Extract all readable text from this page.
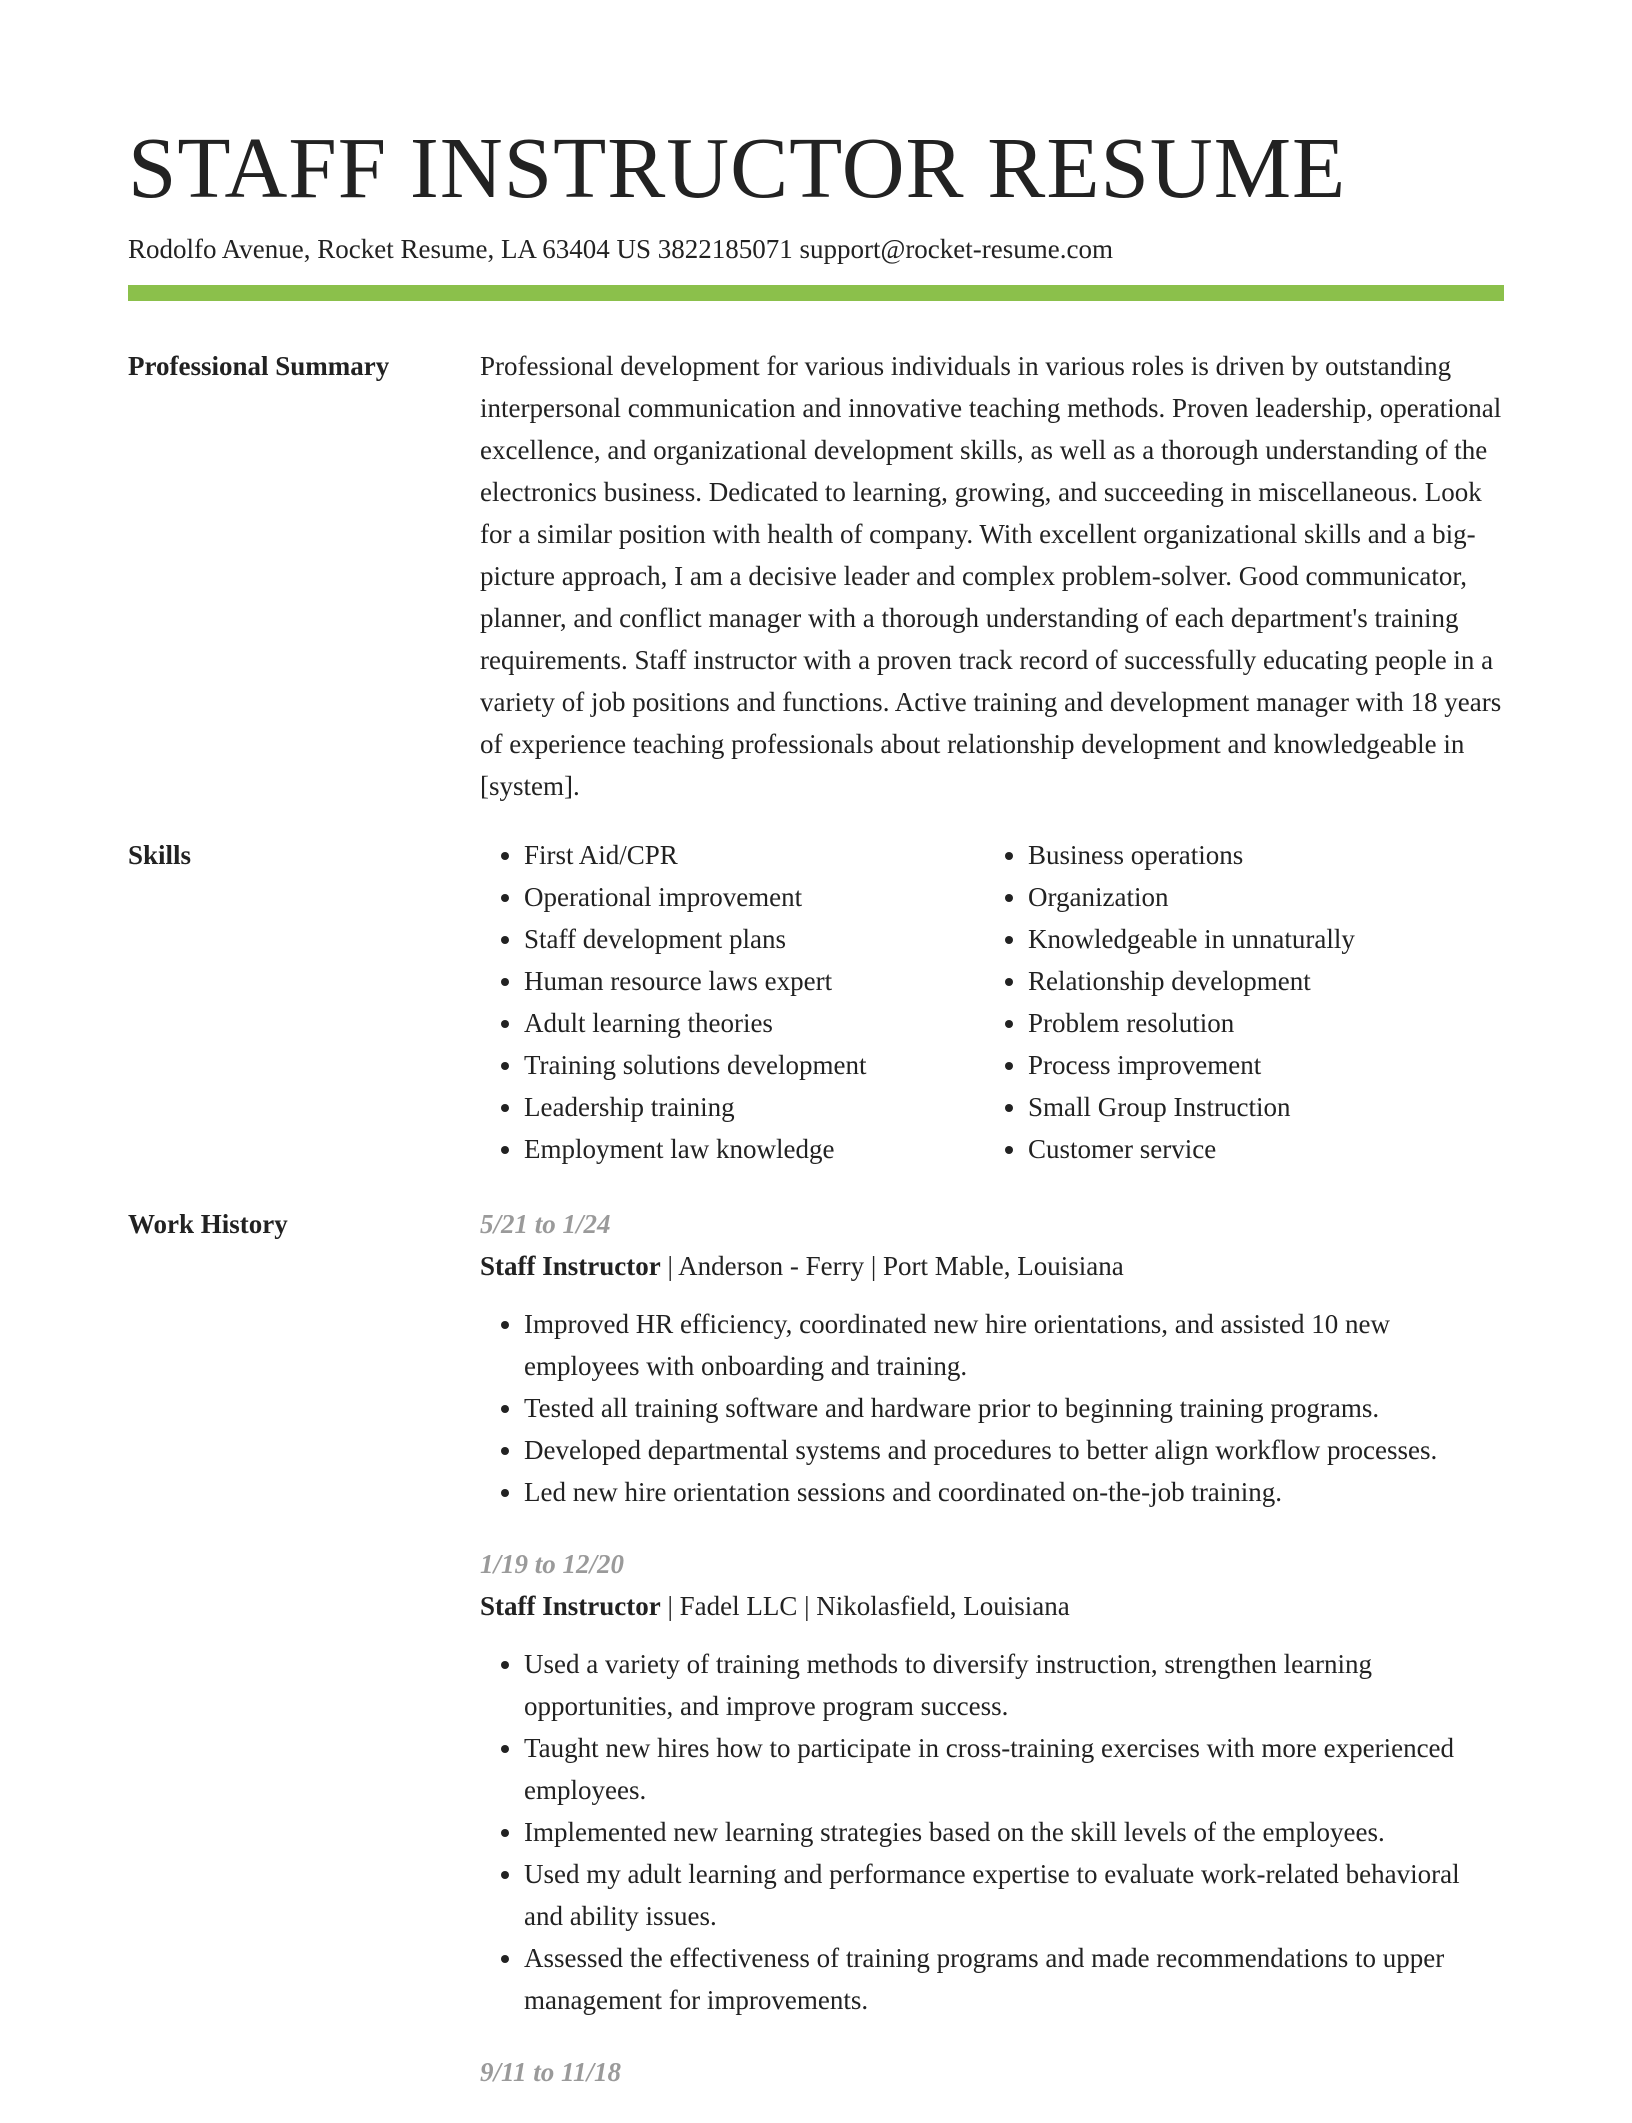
STAFF INSTRUCTOR RESUME
Rodolfo Avenue, Rocket Resume, LA 63404 US 3822185071 support@rocket-resume.com
Professional Summary	Professional development for various individuals in various roles is driven by outstanding interpersonal communication and innovative teaching methods. Proven leadership, operational excellence, and organizational development skills, as well as a thorough understanding of the electronics business. Dedicated to learning, growing, and succeeding in miscellaneous. Look for a similar position with health of company. With excellent organizational skills and a big-picture approach, I am a decisive leader and complex problem-solver. Good communicator, planner, and conflict manager with a thorough understanding of each department's training requirements. Staff instructor with a proven track record of successfully educating people in a variety of job positions and functions. Active training and development manager with 18 years of experience teaching professionals about relationship development and knowledgeable in [system].

Skills
•	First Aid/CPR
• Operational improvement
• Staff development plans
• Human resource laws expert
• Adult learning theories
• Training solutions development
• Leadership training
• Employment law knowledge
• Business operations
• Organization
• Knowledgeable in unnaturally
• Relationship development
• Problem resolution
• Process improvement
• Small Group Instruction
• Customer service
Work History	5/21 to 1/24
Staff Instructor | Anderson - Ferry | Port Mable, Louisiana
• Improved HR efficiency, coordinated new hire orientations, and assisted 10 new employees with onboarding and training.
• Tested all training software and hardware prior to beginning training programs.
• Developed departmental systems and procedures to better align workflow processes.
• Led new hire orientation sessions and coordinated on-the-job training.
1/19 to 12/20
Staff Instructor | Fadel LLC | Nikolasfield, Louisiana
• Used a variety of training methods to diversify instruction, strengthen learning opportunities, and improve program success.
• Taught new hires how to participate in cross-training exercises with more experienced employees.
• Implemented new learning strategies based on the skill levels of the employees.
• Used my adult learning and performance expertise to evaluate work-related behavioral and ability issues.
• Assessed the effectiveness of training programs and made recommendations to upper management for improvements.
9/11 to 11/18
